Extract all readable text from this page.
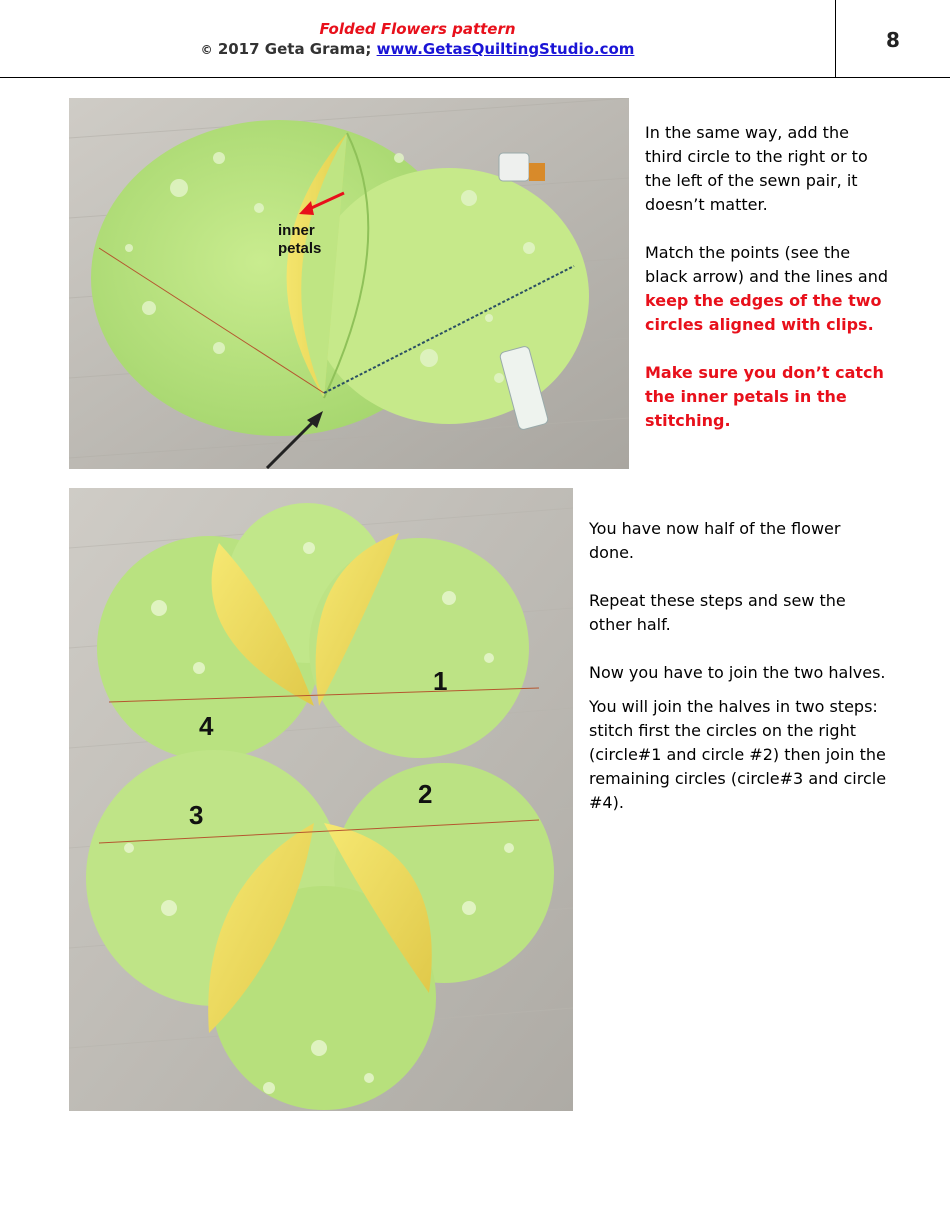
Folded Flowers pattern
© 2017 Geta Grama; www.GetasQuiltingStudio.com	8
inner
petals

In the same way, add the third circle to the right or to the left of the sewn pair, it doesn’t matter.

Match the points (see the black arrow) and the lines and keep the edges of the two circles aligned with clips.

Make sure you don’t catch the inner petals in the stitching.

1
4
2
3

You have now half of the flower done.

Repeat these steps and sew the other half.

Now you have to join the two halves.

You will join the halves in two steps: stitch first the circles on the right (circle#1 and circle #2) then join the remaining circles (circle#3 and circle #4).
